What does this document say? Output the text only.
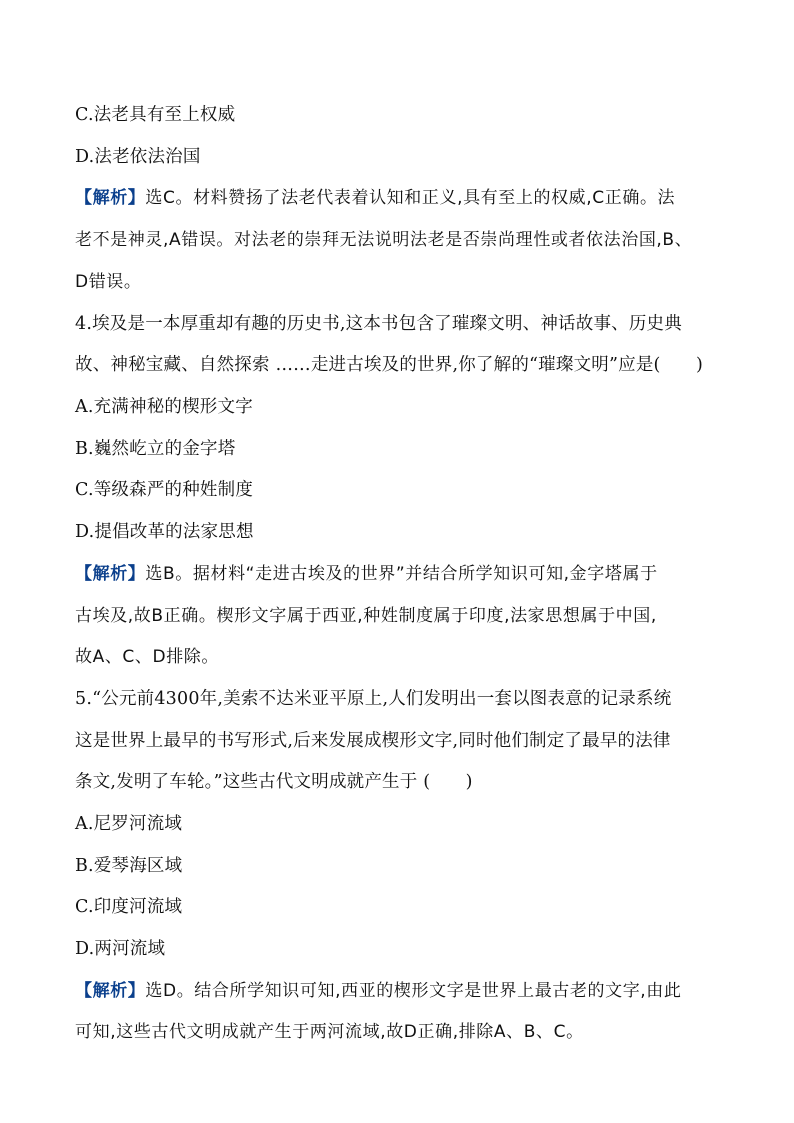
C.法老具有至上权威
D.法老依法治国
【解析】选C。材料赞扬了法老代表着认知和正义,具有至上的权威,C正确。法
老不是神灵,A错误。对法老的崇拜无法说明法老是否崇尚理性或者依法治国,B、
D错误。
4.埃及是一本厚重却有趣的历史书,这本书包含了璀璨文明、神话故事、历史典
故、神秘宝藏、自然探索 ……走进古埃及的世界,你了解的“璀璨文明”应是(　　)
A.充满神秘的楔形文字
B.巍然屹立的金字塔
C.等级森严的种姓制度
D.提倡改革的法家思想
【解析】选B。据材料“走进古埃及的世界”并结合所学知识可知,金字塔属于
古埃及,故B正确。楔形文字属于西亚,种姓制度属于印度,法家思想属于中国,
故A、C、D排除。
5.“公元前4300年,美索不达米亚平原上,人们发明出一套以图表意的记录系统
这是世界上最早的书写形式,后来发展成楔形文字,同时他们制定了最早的法律
条文,发明了车轮。”这些古代文明成就产生于 (　　)
A.尼罗河流域
B.爱琴海区域
C.印度河流域
D.两河流域
【解析】选D。结合所学知识可知,西亚的楔形文字是世界上最古老的文字,由此
可知,这些古代文明成就产生于两河流域,故D正确,排除A、B、C。
